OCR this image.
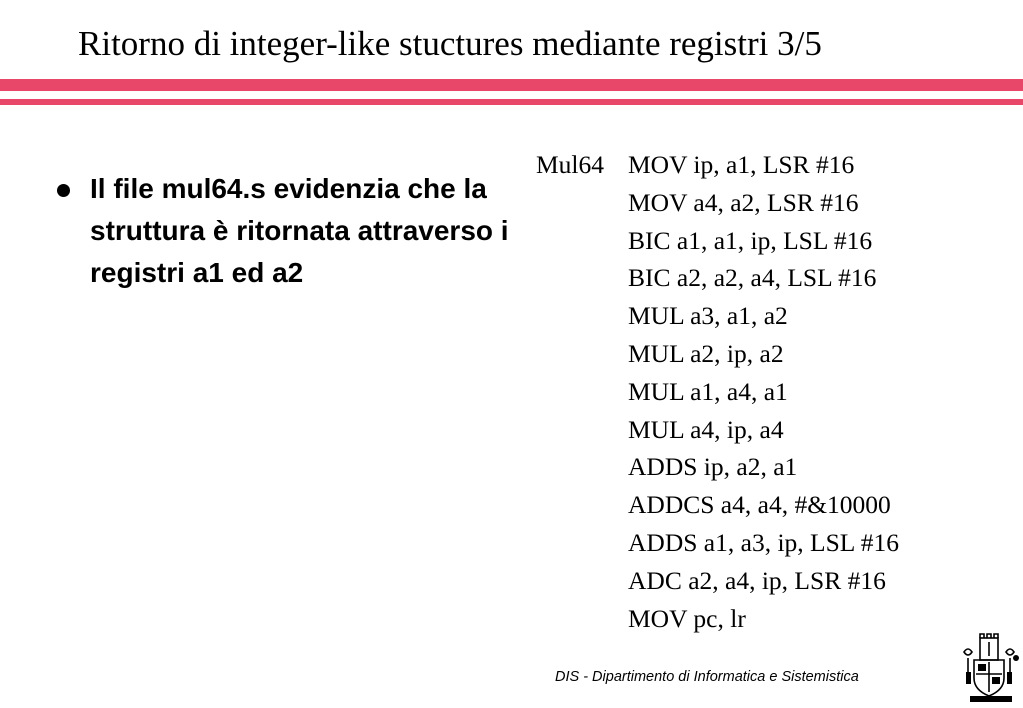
Ritorno di integer-like stuctures mediante registri 3/5
Il file mul64.s evidenzia che la struttura è ritornata attraverso i registri a1 ed a2
Mul64 MOV ip, a1, LSR #16
MOV a4, a2, LSR #16
BIC a1, a1, ip, LSL #16
BIC a2, a2, a4, LSL #16
MUL a3, a1, a2
MUL a2, ip, a2
MUL a1, a4, a1
MUL a4, ip, a4
ADDS ip, a2, a1
ADDCS a4, a4, #&10000
ADDS a1, a3, ip, LSL #16
ADC a2, a4, ip, LSR #16
MOV pc, lr
DIS - Dipartimento di Informatica e Sistemistica
